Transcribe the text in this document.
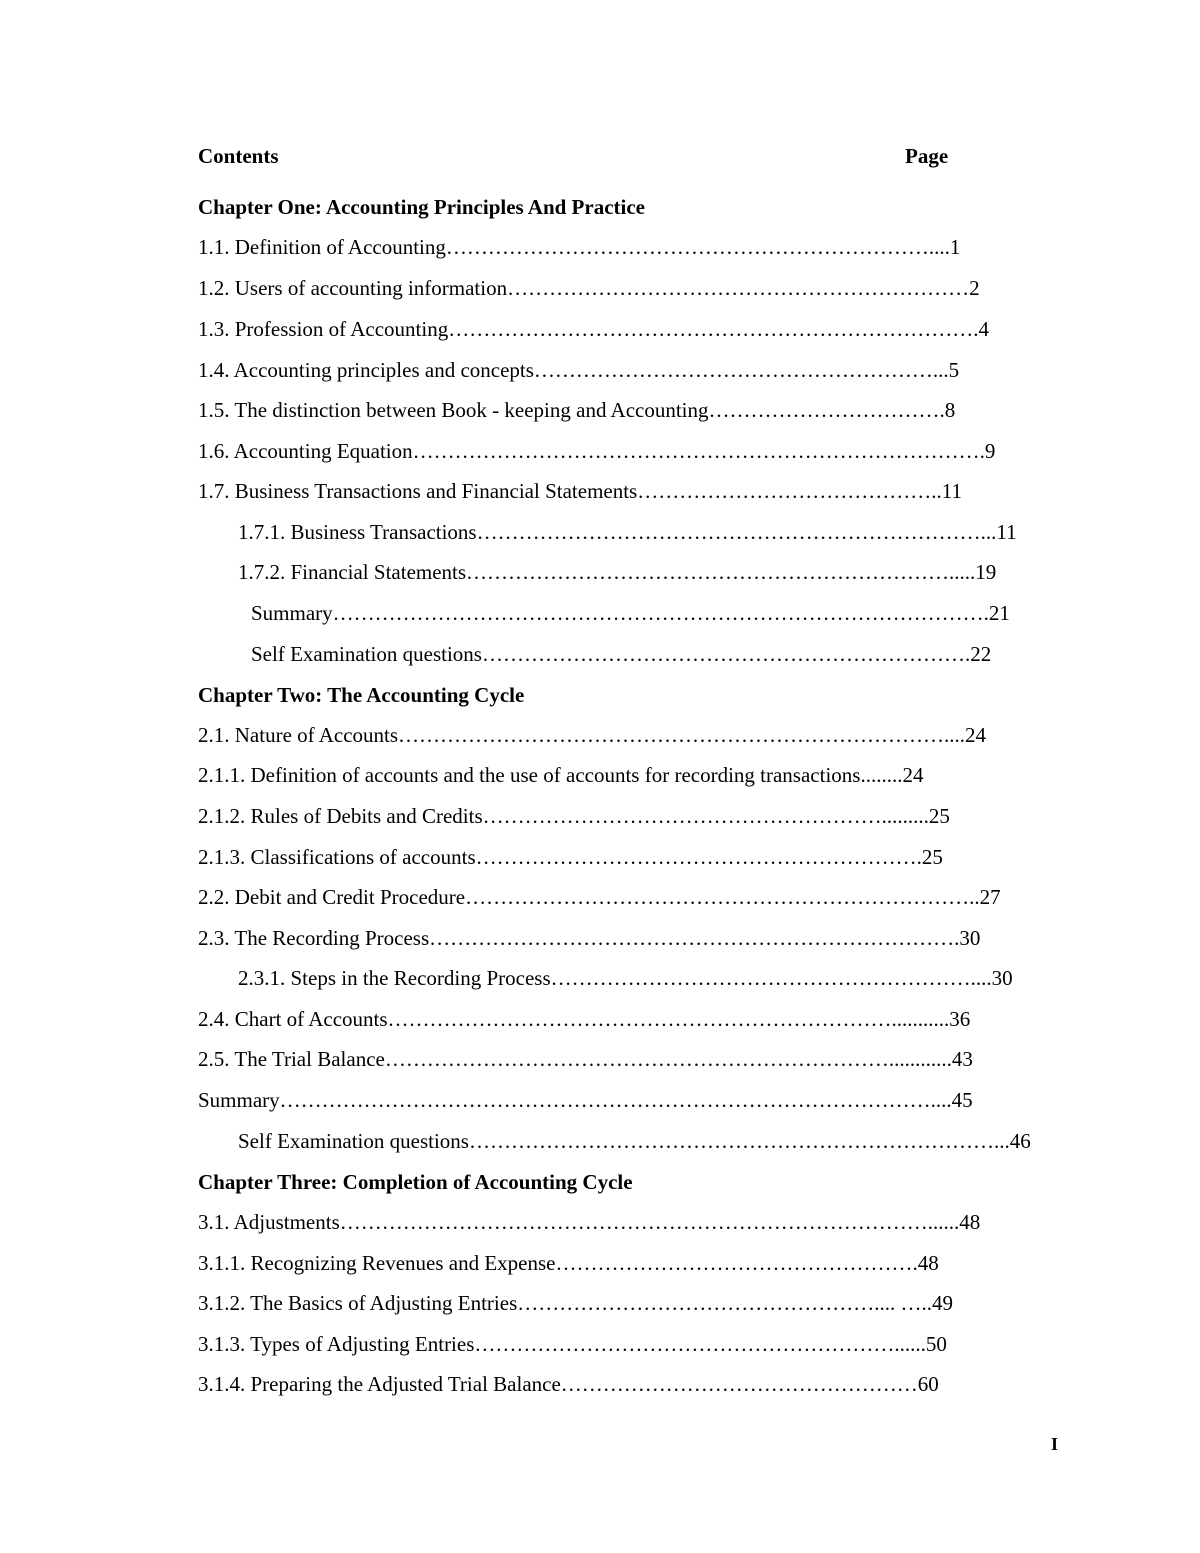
Contents	Page
Chapter One: Accounting Principles And Practice
1.1. Definition of Accounting……………………………………………………………....1
1.2. Users of accounting information…………………………………………………………2
1.3. Profession of Accounting………………………………………………………………….4
1.4. Accounting principles and concepts…………………………………………………...5
1.5. The distinction between Book - keeping and Accounting…………………………….8
1.6. Accounting Equation……………………………………………………………………….9
1.7. Business Transactions and Financial Statements……………………………………..11
1.7.1. Business Transactions………………………………………………………………...11
1.7.2. Financial Statements…………………………………………………………….....19
Summary………………………………………………………………………………….21
Self Examination questions…………………………………………………………….22
Chapter Two: The Accounting Cycle
2.1. Nature of Accounts……………………………………………………………………....24
2.1.1. Definition of accounts and the use of accounts for recording transactions........24
2.1.2. Rules of Debits and Credits………………………………………………….........25
2.1.3. Classifications of accounts……………………………………………………….25
2.2. Debit and Credit Procedure………………………………………………………………..27
2.3. The Recording Process………………………………………………………………….30
2.3.1. Steps in the Recording Process……………………………………………………....30
2.4. Chart of Accounts………………………………………………………………...........36
2.5. The Trial Balance………………………………………………………………............43
Summary…………………………………………………………………………………....45
Self Examination questions…………………………………………………………………...46
Chapter Three: Completion of Accounting Cycle
3.1. Adjustments…………………………………………………………………………......48
3.1.1. Recognizing Revenues and Expense…………………………………………….48
3.1.2. The Basics of Adjusting Entries…………………………………………….... …..49
3.1.3. Types of Adjusting Entries……………………………………………………......50
3.1.4. Preparing the Adjusted Trial Balance……………………………………………60
I
